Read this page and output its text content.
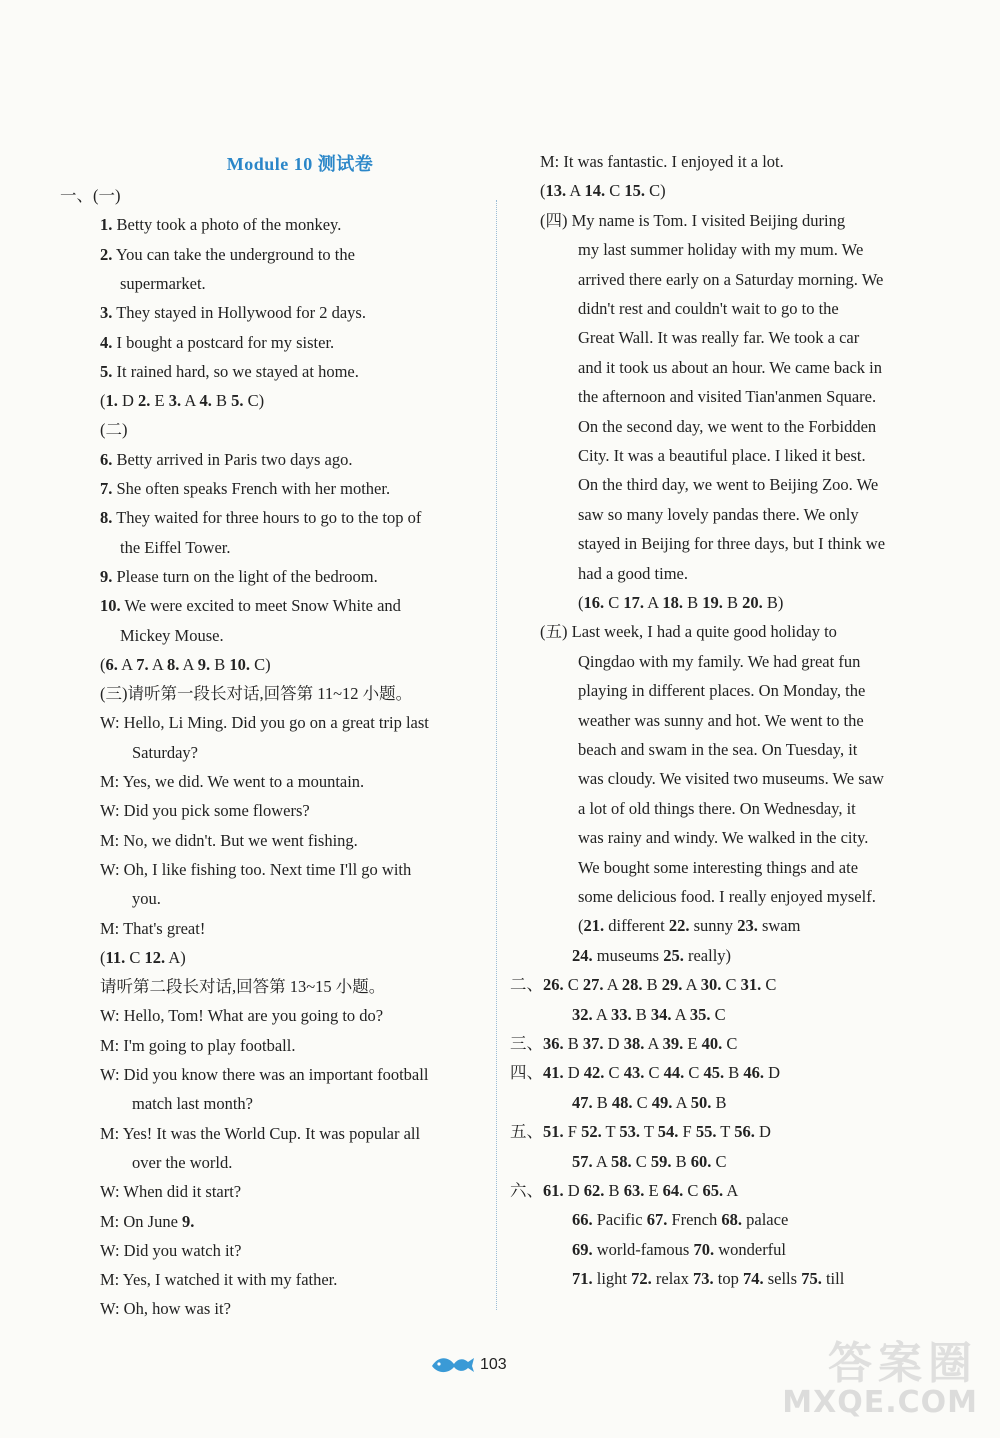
Module 10 测试卷
一、(一)
1. Betty took a photo of the monkey.
2. You can take the underground to the
supermarket.
3. They stayed in Hollywood for 2 days.
4. I bought a postcard for my sister.
5. It rained hard, so we stayed at home.
(1. D 2. E 3. A 4. B 5. C)
(二)
6. Betty arrived in Paris two days ago.
7. She often speaks French with her mother.
8. They waited for three hours to go to the top of
the Eiffel Tower.
9. Please turn on the light of the bedroom.
10. We were excited to meet Snow White and
Mickey Mouse.
(6. A 7. A 8. A 9. B 10. C)
(三)请听第一段长对话,回答第 11~12 小题。
W: Hello, Li Ming. Did you go on a great trip last
Saturday?
M: Yes, we did. We went to a mountain.
W: Did you pick some flowers?
M: No, we didn't. But we went fishing.
W: Oh, I like fishing too. Next time I'll go with
you.
M: That's great!
(11. C 12. A)
请听第二段长对话,回答第 13~15 小题。
W: Hello, Tom! What are you going to do?
M: I'm going to play football.
W: Did you know there was an important football
match last month?
M: Yes! It was the World Cup. It was popular all
over the world.
W: When did it start?
M: On June 9.
W: Did you watch it?
M: Yes, I watched it with my father.
W: Oh, how was it?
M: It was fantastic. I enjoyed it a lot.
(13. A 14. C 15. C)
(四) My name is Tom. I visited Beijing during
my last summer holiday with my mum. We
arrived there early on a Saturday morning. We
didn't rest and couldn't wait to go to the
Great Wall. It was really far. We took a car
and it took us about an hour. We came back in
the afternoon and visited Tian'anmen Square.
On the second day, we went to the Forbidden
City. It was a beautiful place. I liked it best.
On the third day, we went to Beijing Zoo. We
saw so many lovely pandas there. We only
stayed in Beijing for three days, but I think we
had a good time.
(16. C 17. A 18. B 19. B 20. B)
(五) Last week, I had a quite good holiday to
Qingdao with my family. We had great fun
playing in different places. On Monday, the
weather was sunny and hot. We went to the
beach and swam in the sea. On Tuesday, it
was cloudy. We visited two museums. We saw
a lot of old things there. On Wednesday, it
was rainy and windy. We walked in the city.
We bought some interesting things and ate
some delicious food. I really enjoyed myself.
(21. different 22. sunny 23. swam
24. museums 25. really)
二、26. C 27. A 28. B 29. A 30. C 31. C
32. A 33. B 34. A 35. C
三、36. B 37. D 38. A 39. E 40. C
四、41. D 42. C 43. C 44. C 45. B 46. D
47. B 48. C 49. A 50. B
五、51. F 52. T 53. T 54. F 55. T 56. D
57. A 58. C 59. B 60. C
六、61. D 62. B 63. E 64. C 65. A
66. Pacific 67. French 68. palace
69. world-famous 70. wonderful
71. light 72. relax 73. top 74. sells 75. till
103	答案圈
MXQE.COM
